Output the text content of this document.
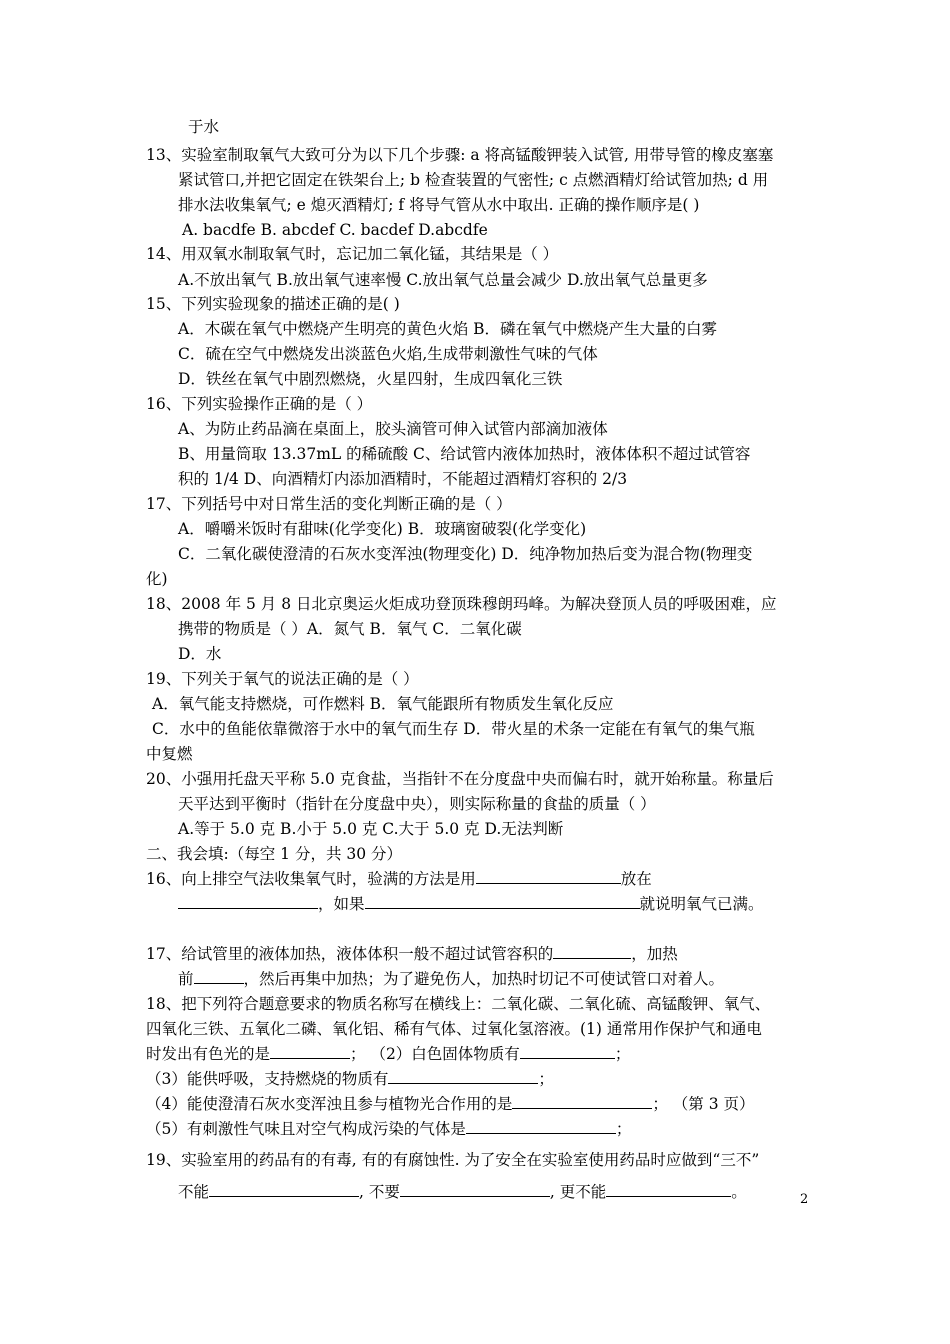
于水
13、实验室制取氧气大致可分为以下几个步骤: a 将高锰酸钾装入试管, 用带导管的橡皮塞塞
紧试管口,并把它固定在铁架台上; b 检查装置的气密性; c 点燃酒精灯给试管加热; d 用
排水法收集氧气; e 熄灭酒精灯; f 将导气管从水中取出. 正确的操作顺序是( )
A. bacdfe B. abcdef C. bacdef D.abcdfe
14、用双氧水制取氧气时，忘记加二氧化锰，其结果是（ ）
A.不放出氧气 B.放出氧气速率慢 C.放出氧气总量会减少 D.放出氧气总量更多
15、下列实验现象的描述正确的是( )
A．木碳在氧气中燃烧产生明亮的黄色火焰 B．磷在氧气中燃烧产生大量的白雾
C．硫在空气中燃烧发出淡蓝色火焰,生成带刺激性气味的气体
D．铁丝在氧气中剧烈燃烧，火星四射，生成四氧化三铁
16、下列实验操作正确的是（ ）
A、为防止药品滴在桌面上，胶头滴管可伸入试管内部滴加液体
B、用量筒取 13.37mL 的稀硫酸 C、给试管内液体加热时，液体体积不超过试管容
积的 1/4 D、向酒精灯内添加酒精时，不能超过酒精灯容积的 2/3
17、下列括号中对日常生活的变化判断正确的是（ ）
A．嚼嚼米饭时有甜味(化学变化) B．玻璃窗破裂(化学变化)
C．二氧化碳使澄清的石灰水变浑浊(物理变化) D．纯净物加热后变为混合物(物理变
化)
18、2008 年 5 月 8 日北京奥运火炬成功登顶珠穆朗玛峰。为解决登顶人员的呼吸困难，应
携带的物质是（ ）A．氮气 B．氧气 C．二氧化碳
D．水
19、下列关于氧气的说法正确的是（ ）
A．氧气能支持燃烧，可作燃料 B．氧气能跟所有物质发生氧化反应
C．水中的鱼能依靠微溶于水中的氧气而生存 D．带火星的术条一定能在有氧气的集气瓶
中复燃
20、小强用托盘天平称 5.0 克食盐，当指针不在分度盘中央而偏右时，就开始称量。称量后
天平达到平衡时（指针在分度盘中央），则实际称量的食盐的质量（ ）
A.等于 5.0 克 B.小于 5.0 克 C.大于 5.0 克 D.无法判断
二、我会填:（每空 1 分，共 30 分）
16、向上排空气法收集氧气时，验满的方法是用	放在
，如果	就说明氧气已满。
17、给试管里的液体加热，液体体积一般不超过试管容积的	，加热
前	，然后再集中加热；为了避免伤人，加热时切记不可使试管口对着人。
18、把下列符合题意要求的物质名称写在横线上：二氧化碳、二氧化硫、高锰酸钾、氧气、
四氧化三铁、五氧化二磷、氧化铝、稀有气体、过氧化氢溶液。(1) 通常用作保护气和通电
时发出有色光的是	； （2）白色固体物质有	；
（3）能供呼吸，支持燃烧的物质有	；
（4）能使澄清石灰水变浑浊且参与植物光合作用的是	； （第 3 页）
（5）有刺激性气味且对空气构成污染的气体是	；
19、实验室用的药品有的有毒, 有的有腐蚀性. 为了安全在实验室使用药品时应做到“三不”
不能	, 不要	, 更不能	。	2
